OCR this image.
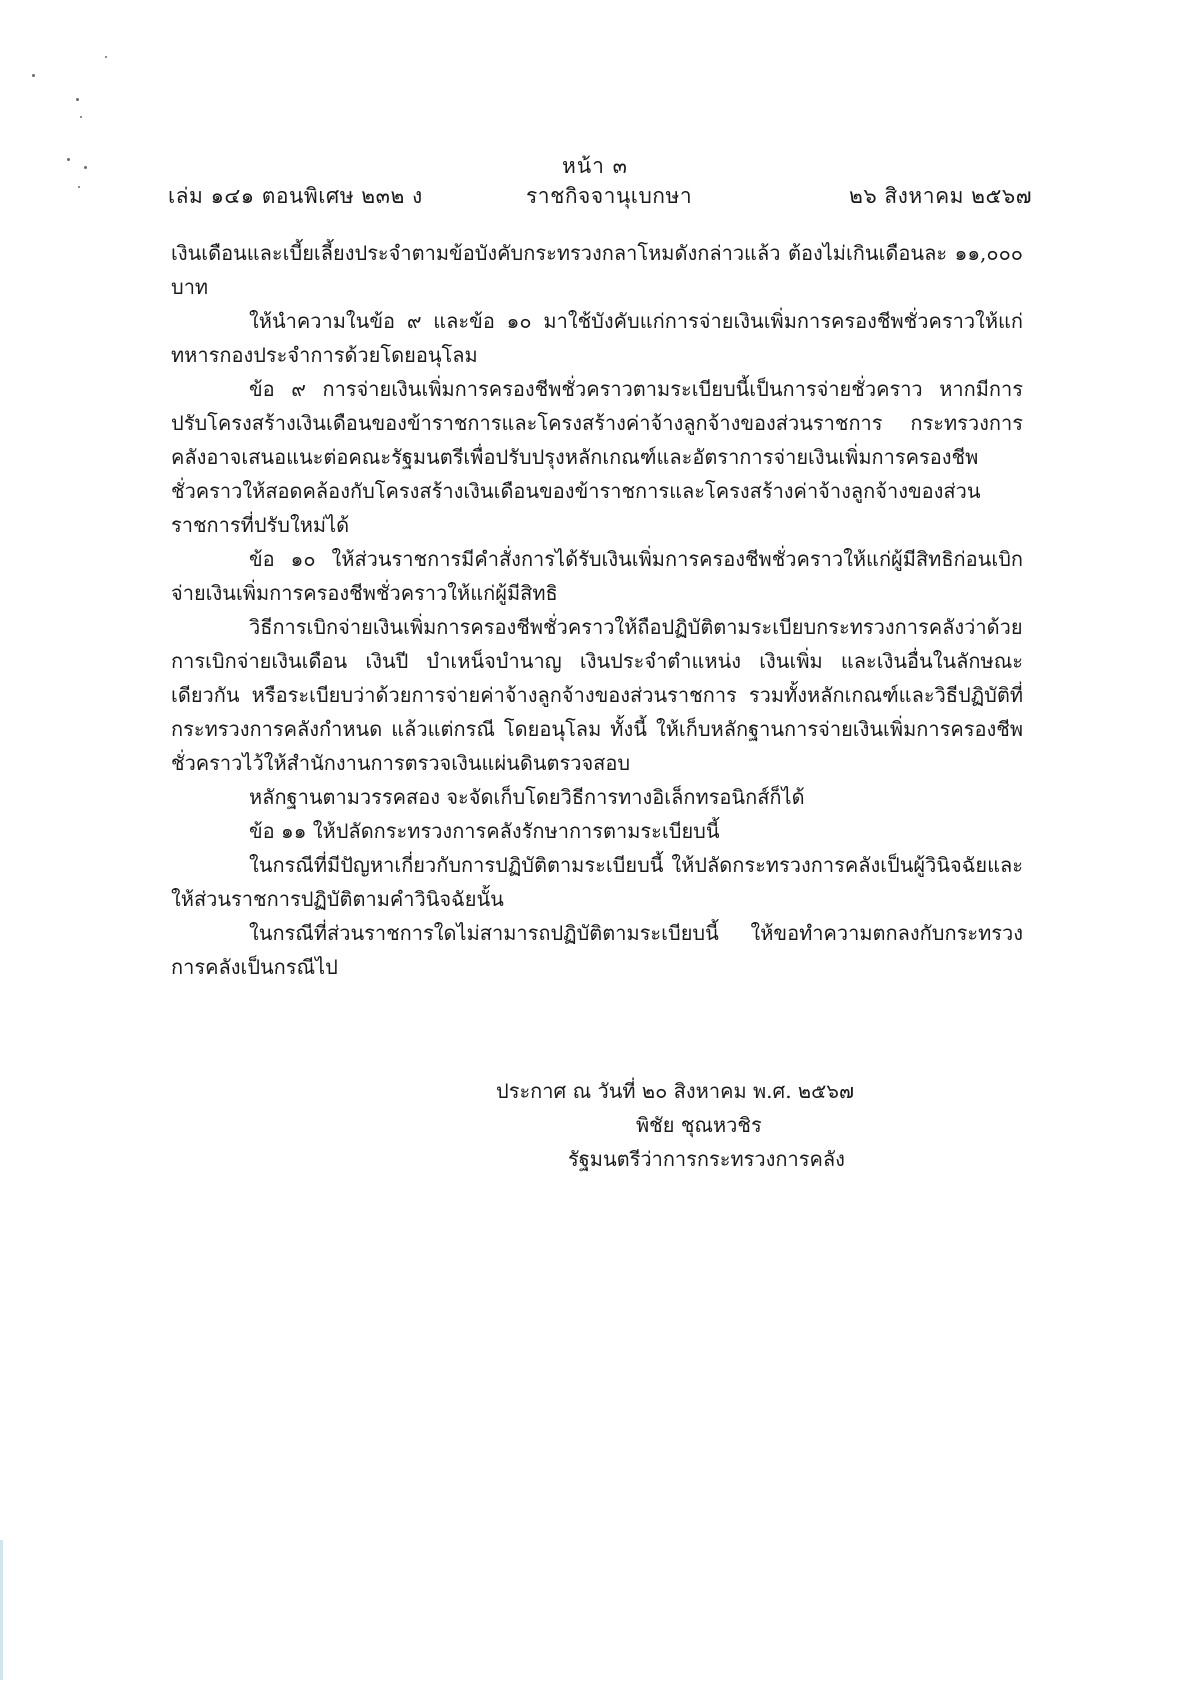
หน้า ๓
เล่ม ๑๔๑ ตอนพิเศษ ๒๓๒ ง	ราชกิจจานุเบกษา	๒๖ สิงหาคม ๒๕๖๗

เงินเดือนและเบี้ยเลี้ยงประจำตามข้อบังคับกระทรวงกลาโหมดังกล่าวแล้ว ต้องไม่เกินเดือนละ ๑๑,๐๐๐ บาท

ให้นำความในข้อ ๙ และข้อ ๑๐ มาใช้บังคับแก่การจ่ายเงินเพิ่มการครองชีพชั่วคราวให้แก่ทหารกองประจำการด้วยโดยอนุโลม

ข้อ ๙ การจ่ายเงินเพิ่มการครองชีพชั่วคราวตามระเบียบนี้เป็นการจ่ายชั่วคราว หากมีการปรับโครงสร้างเงินเดือนของข้าราชการและโครงสร้างค่าจ้างลูกจ้างของส่วนราชการ กระทรวงการคลังอาจเสนอแนะต่อคณะรัฐมนตรีเพื่อปรับปรุงหลักเกณฑ์และอัตราการจ่ายเงินเพิ่มการครองชีพชั่วคราวให้สอดคล้องกับโครงสร้างเงินเดือนของข้าราชการและโครงสร้างค่าจ้างลูกจ้างของส่วนราชการที่ปรับใหม่ได้

ข้อ ๑๐ ให้ส่วนราชการมีคำสั่งการได้รับเงินเพิ่มการครองชีพชั่วคราวให้แก่ผู้มีสิทธิก่อนเบิกจ่ายเงินเพิ่มการครองชีพชั่วคราวให้แก่ผู้มีสิทธิ

วิธีการเบิกจ่ายเงินเพิ่มการครองชีพชั่วคราวให้ถือปฏิบัติตามระเบียบกระทรวงการคลังว่าด้วยการเบิกจ่ายเงินเดือน เงินปี บำเหน็จบำนาญ เงินประจำตำแหน่ง เงินเพิ่ม และเงินอื่นในลักษณะเดียวกัน หรือระเบียบว่าด้วยการจ่ายค่าจ้างลูกจ้างของส่วนราชการ รวมทั้งหลักเกณฑ์และวิธีปฏิบัติที่กระทรวงการคลังกำหนด แล้วแต่กรณี โดยอนุโลม ทั้งนี้ ให้เก็บหลักฐานการจ่ายเงินเพิ่มการครองชีพชั่วคราวไว้ให้สำนักงานการตรวจเงินแผ่นดินตรวจสอบ

หลักฐานตามวรรคสอง จะจัดเก็บโดยวิธีการทางอิเล็กทรอนิกส์ก็ได้

ข้อ ๑๑ ให้ปลัดกระทรวงการคลังรักษาการตามระเบียบนี้

ในกรณีที่มีปัญหาเกี่ยวกับการปฏิบัติตามระเบียบนี้ ให้ปลัดกระทรวงการคลังเป็นผู้วินิจฉัยและให้ส่วนราชการปฏิบัติตามคำวินิจฉัยนั้น

ในกรณีที่ส่วนราชการใดไม่สามารถปฏิบัติตามระเบียบนี้ ให้ขอทำความตกลงกับกระทรวงการคลังเป็นกรณีไป

ประกาศ ณ วันที่ ๒๐ สิงหาคม พ.ศ. ๒๕๖๗
พิชัย ชุณหวชิร
รัฐมนตรีว่าการกระทรวงการคลัง
